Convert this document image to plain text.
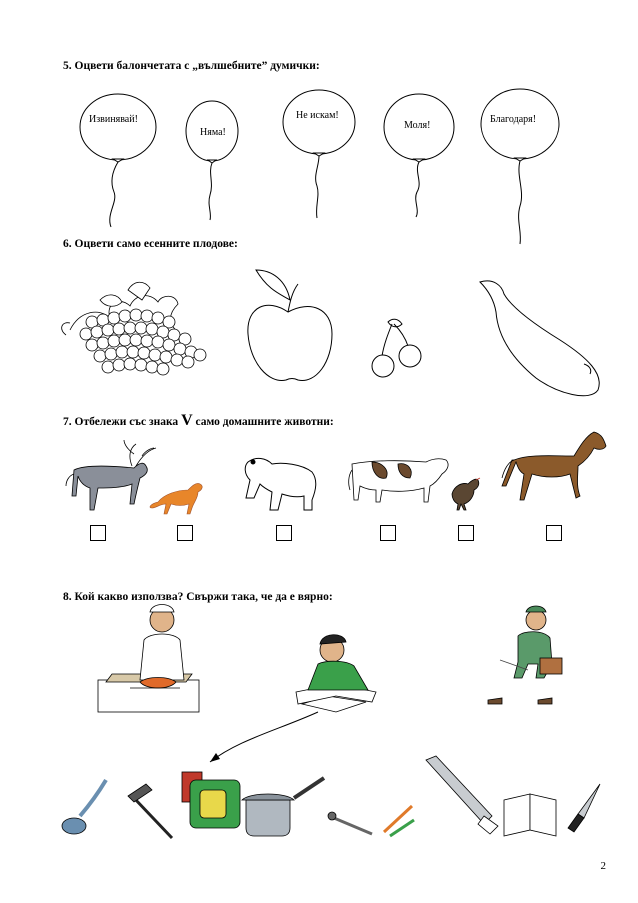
5. Оцвети балончетата с „вълшебните” думички:
Извинявай!
Няма!
Не искам!
Моля!
Благодаря!
6. Оцвети само есенните плодове:
7. Отбележи със знака V само домашните животни:
8. Кой какво използва? Свържи така, че да е вярно:
2
